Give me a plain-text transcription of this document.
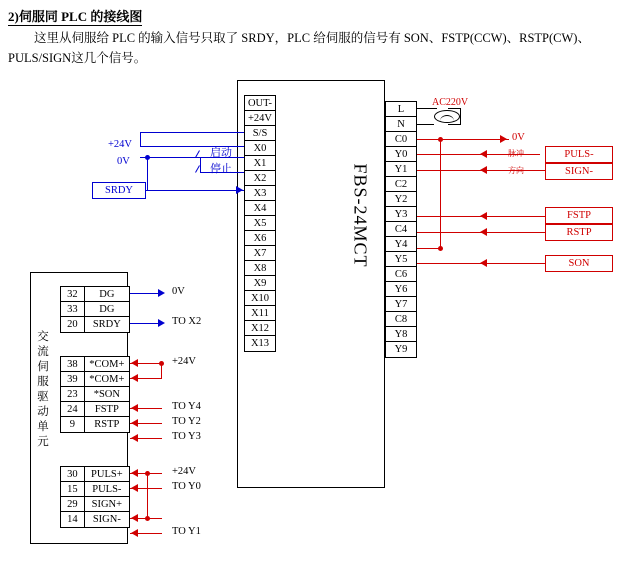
2)伺服同 PLC 的接线图
这里从伺服给 PLC 的输入信号只取了 SRDY，PLC 给伺服的信号有 SON、FSTP(CCW)、RSTP(CW)、PULS/SIGN这几个信号。
FBS-24MCT
OUT-
+24V
S/S
X0
X1
X2
X3
X4
X5
X6
X7
X8
X9
X10
X11
X12
X13
L
N
C0
Y0
Y1
C2
Y2
Y3
C4
Y4
Y5
C6
Y6
Y7
C8
Y8
Y9
AC220V
+24V
0V
启动
停止
SRDY
0V
PULS-
SIGN-
脉冲
方向
FSTP
RSTP
SON
交
流
伺
服
驱
动
单
元
32	DG
33	DG
20	SRDY
38	*COM+
39	*COM+
23	*SON
24	FSTP
9	RSTP
30	PULS+
15	PULS-
29	SIGN+
14	SIGN-
0V
TO X2
+24V
TO Y4
TO Y2
TO Y3
+24V
TO Y0
TO Y1
